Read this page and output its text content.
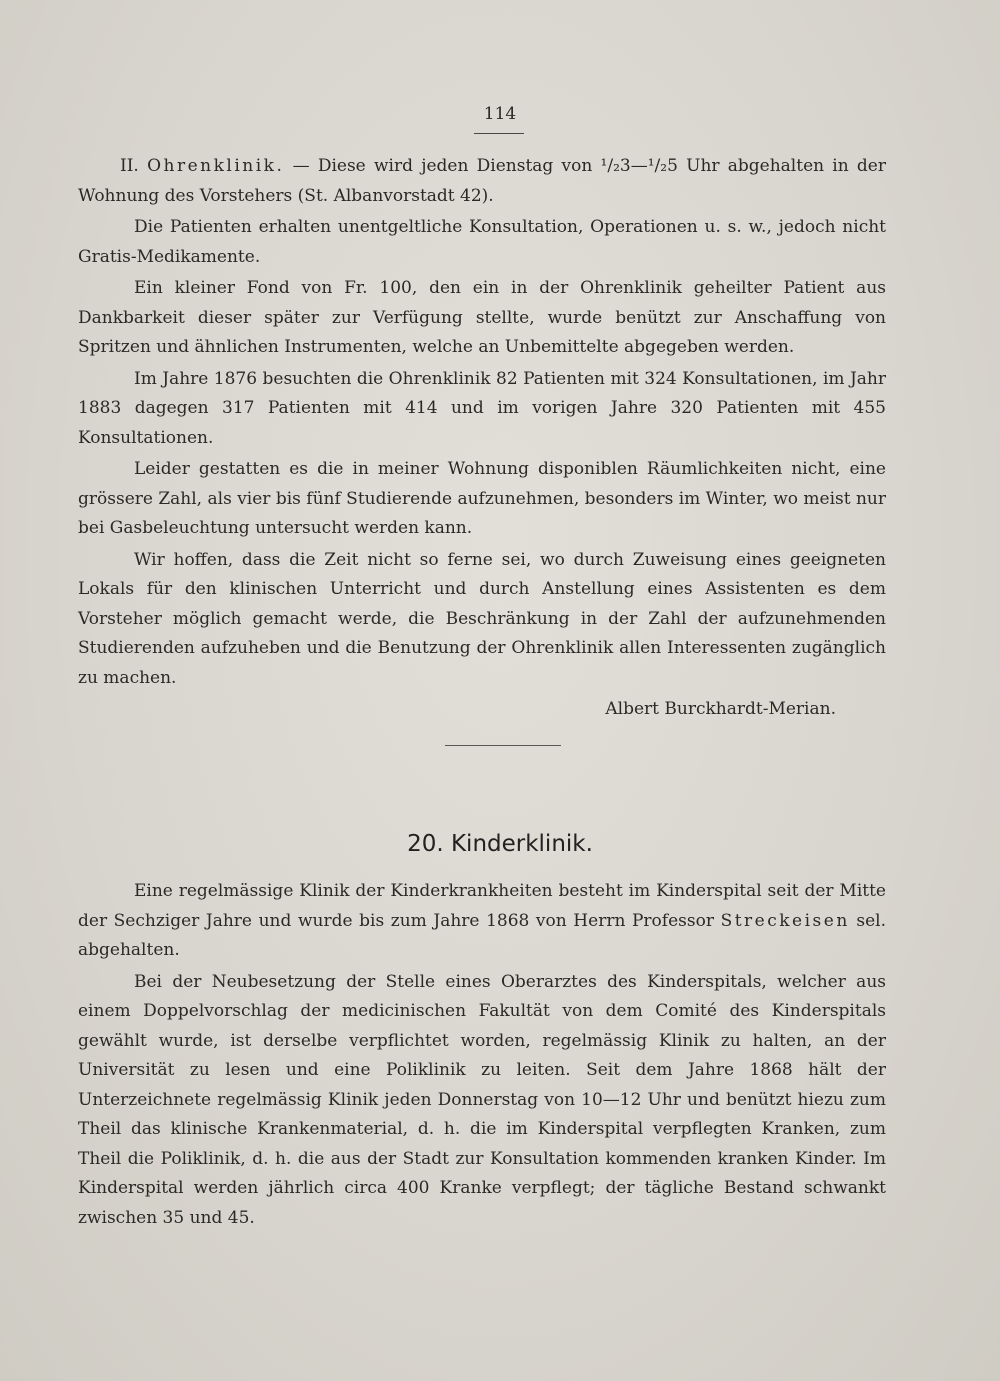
114

II. Ohrenklinik. — Diese wird jeden Dienstag von ¹/₂3—¹/₂5 Uhr abgehalten in der Wohnung des Vorstehers (St. Albanvorstadt 42).

Die Patienten erhalten unentgeltliche Konsultation, Operationen u. s. w., jedoch nicht Gratis-Medikamente.

Ein kleiner Fond von Fr. 100, den ein in der Ohrenklinik geheilter Patient aus Dankbarkeit dieser später zur Verfügung stellte, wurde benützt zur Anschaffung von Spritzen und ähnlichen Instrumenten, welche an Unbemittelte abgegeben werden.

Im Jahre 1876 besuchten die Ohrenklinik 82 Patienten mit 324 Konsultationen, im Jahr 1883 dagegen 317 Patienten mit 414 und im vorigen Jahre 320 Patienten mit 455 Konsultationen.

Leider gestatten es die in meiner Wohnung disponiblen Räumlichkeiten nicht, eine grössere Zahl, als vier bis fünf Studierende aufzunehmen, besonders im Winter, wo meist nur bei Gasbeleuchtung untersucht werden kann.

Wir hoffen, dass die Zeit nicht so ferne sei, wo durch Zuweisung eines geeigneten Lokals für den klinischen Unterricht und durch Anstellung eines Assistenten es dem Vorsteher möglich gemacht werde, die Beschränkung in der Zahl der aufzunehmenden Studierenden aufzuheben und die Benutzung der Ohrenklinik allen Interessenten zugänglich zu machen.

Albert Burckhardt-Merian.
20. Kinderklinik.

Eine regelmässige Klinik der Kinderkrankheiten besteht im Kinderspital seit der Mitte der Sechziger Jahre und wurde bis zum Jahre 1868 von Herrn Professor Streckeisen sel. abgehalten.

Bei der Neubesetzung der Stelle eines Oberarztes des Kinderspitals, welcher aus einem Doppelvorschlag der medicinischen Fakultät von dem Comité des Kinderspitals gewählt wurde, ist derselbe verpflichtet worden, regelmässig Klinik zu halten, an der Universität zu lesen und eine Poliklinik zu leiten. Seit dem Jahre 1868 hält der Unterzeichnete regelmässig Klinik jeden Donnerstag von 10—12 Uhr und benützt hiezu zum Theil das klinische Krankenmaterial, d. h. die im Kinderspital verpflegten Kranken, zum Theil die Poliklinik, d. h. die aus der Stadt zur Konsultation kommenden kranken Kinder. Im Kinderspital werden jährlich circa 400 Kranke verpflegt; der tägliche Bestand schwankt zwischen 35 und 45.
